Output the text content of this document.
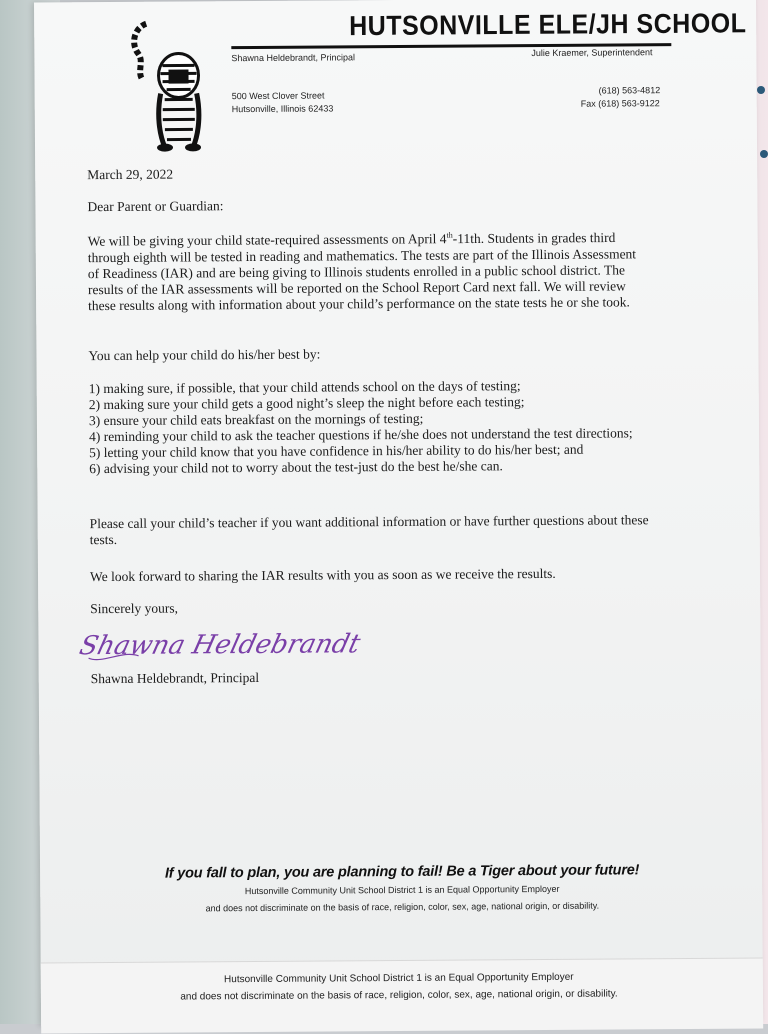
HUTSONVILLE ELE/JH SCHOOL
Shawna Heldebrandt, Principal	Julie Kraemer, Superintendent
500 West Clover Street
Hutsonville, Illinois 62433
(618) 563-4812
Fax (618) 563-9122
March 29, 2022
Dear Parent or Guardian:
We will be giving your child state-required assessments on April 4th-11th. Students in grades third through eighth will be tested in reading and mathematics. The tests are part of the Illinois Assessment of Readiness (IAR) and are being giving to Illinois students enrolled in a public school district. The results of the IAR assessments will be reported on the School Report Card next fall. We will review these results along with information about your child’s performance on the state tests he or she took.
You can help your child do his/her best by:
1) making sure, if possible, that your child attends school on the days of testing;
2) making sure your child gets a good night’s sleep the night before each testing;
3) ensure your child eats breakfast on the mornings of testing;
4) reminding your child to ask the teacher questions if he/she does not understand the test directions;
5) letting your child know that you have confidence in his/her ability to do his/her best; and
6) advising your child not to worry about the test-just do the best he/she can.
Please call your child’s teacher if you want additional information or have further questions about these tests.
We look forward to sharing the IAR results with you as soon as we receive the results.
Sincerely yours,
Shawna Heldebrandt
Shawna Heldebrandt, Principal
If you fall to plan, you are planning to fail! Be a Tiger about your future!
Hutsonville Community Unit School District 1 is an Equal Opportunity Employer
and does not discriminate on the basis of race, religion, color, sex, age, national origin, or disability.
Hutsonville Community Unit School District 1 is an Equal Opportunity Employer
and does not discriminate on the basis of race, religion, color, sex, age, national origin, or disability.
